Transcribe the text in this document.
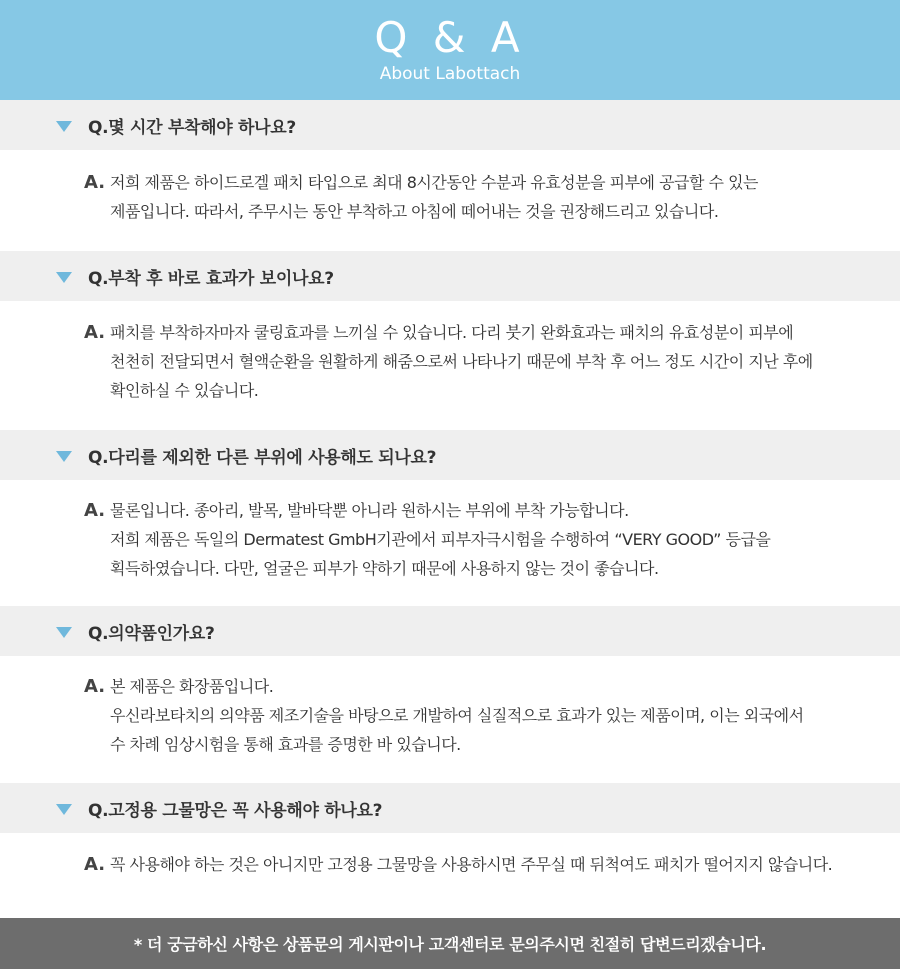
Q & A
About Labottach
Q.몇 시간 부착해야 하나요?
A. 저희 제품은 하이드로겔 패치 타입으로 최대 8시간동안 수분과 유효성분을 피부에 공급할 수 있는
제품입니다. 따라서, 주무시는 동안 부착하고 아침에 떼어내는 것을 권장해드리고 있습니다.
Q.부착 후 바로 효과가 보이나요?
A. 패치를 부착하자마자 쿨링효과를 느끼실 수 있습니다. 다리 붓기 완화효과는 패치의 유효성분이 피부에
천천히 전달되면서 혈액순환을 원활하게 해줌으로써 나타나기 때문에 부착 후 어느 정도 시간이 지난 후에
확인하실 수 있습니다.
Q.다리를 제외한 다른 부위에 사용해도 되나요?
A. 물론입니다. 종아리, 발목, 발바닥뿐 아니라 원하시는 부위에 부착 가능합니다.
저희 제품은 독일의 Dermatest GmbH기관에서 피부자극시험을 수행하여 “VERY GOOD” 등급을
획득하였습니다. 다만, 얼굴은 피부가 약하기 때문에 사용하지 않는 것이 좋습니다.
Q.의약품인가요?
A. 본 제품은 화장품입니다.
우신라보타치의 의약품 제조기술을 바탕으로 개발하여 실질적으로 효과가 있는 제품이며, 이는 외국에서
수 차례 임상시험을 통해 효과를 증명한 바 있습니다.
Q.고정용 그물망은 꼭 사용해야 하나요?
A. 꼭 사용해야 하는 것은 아니지만 고정용 그물망을 사용하시면 주무실 때 뒤척여도 패치가 떨어지지 않습니다.
* 더 궁금하신 사항은 상품문의 게시판이나 고객센터로 문의주시면 친절히 답변드리겠습니다.
